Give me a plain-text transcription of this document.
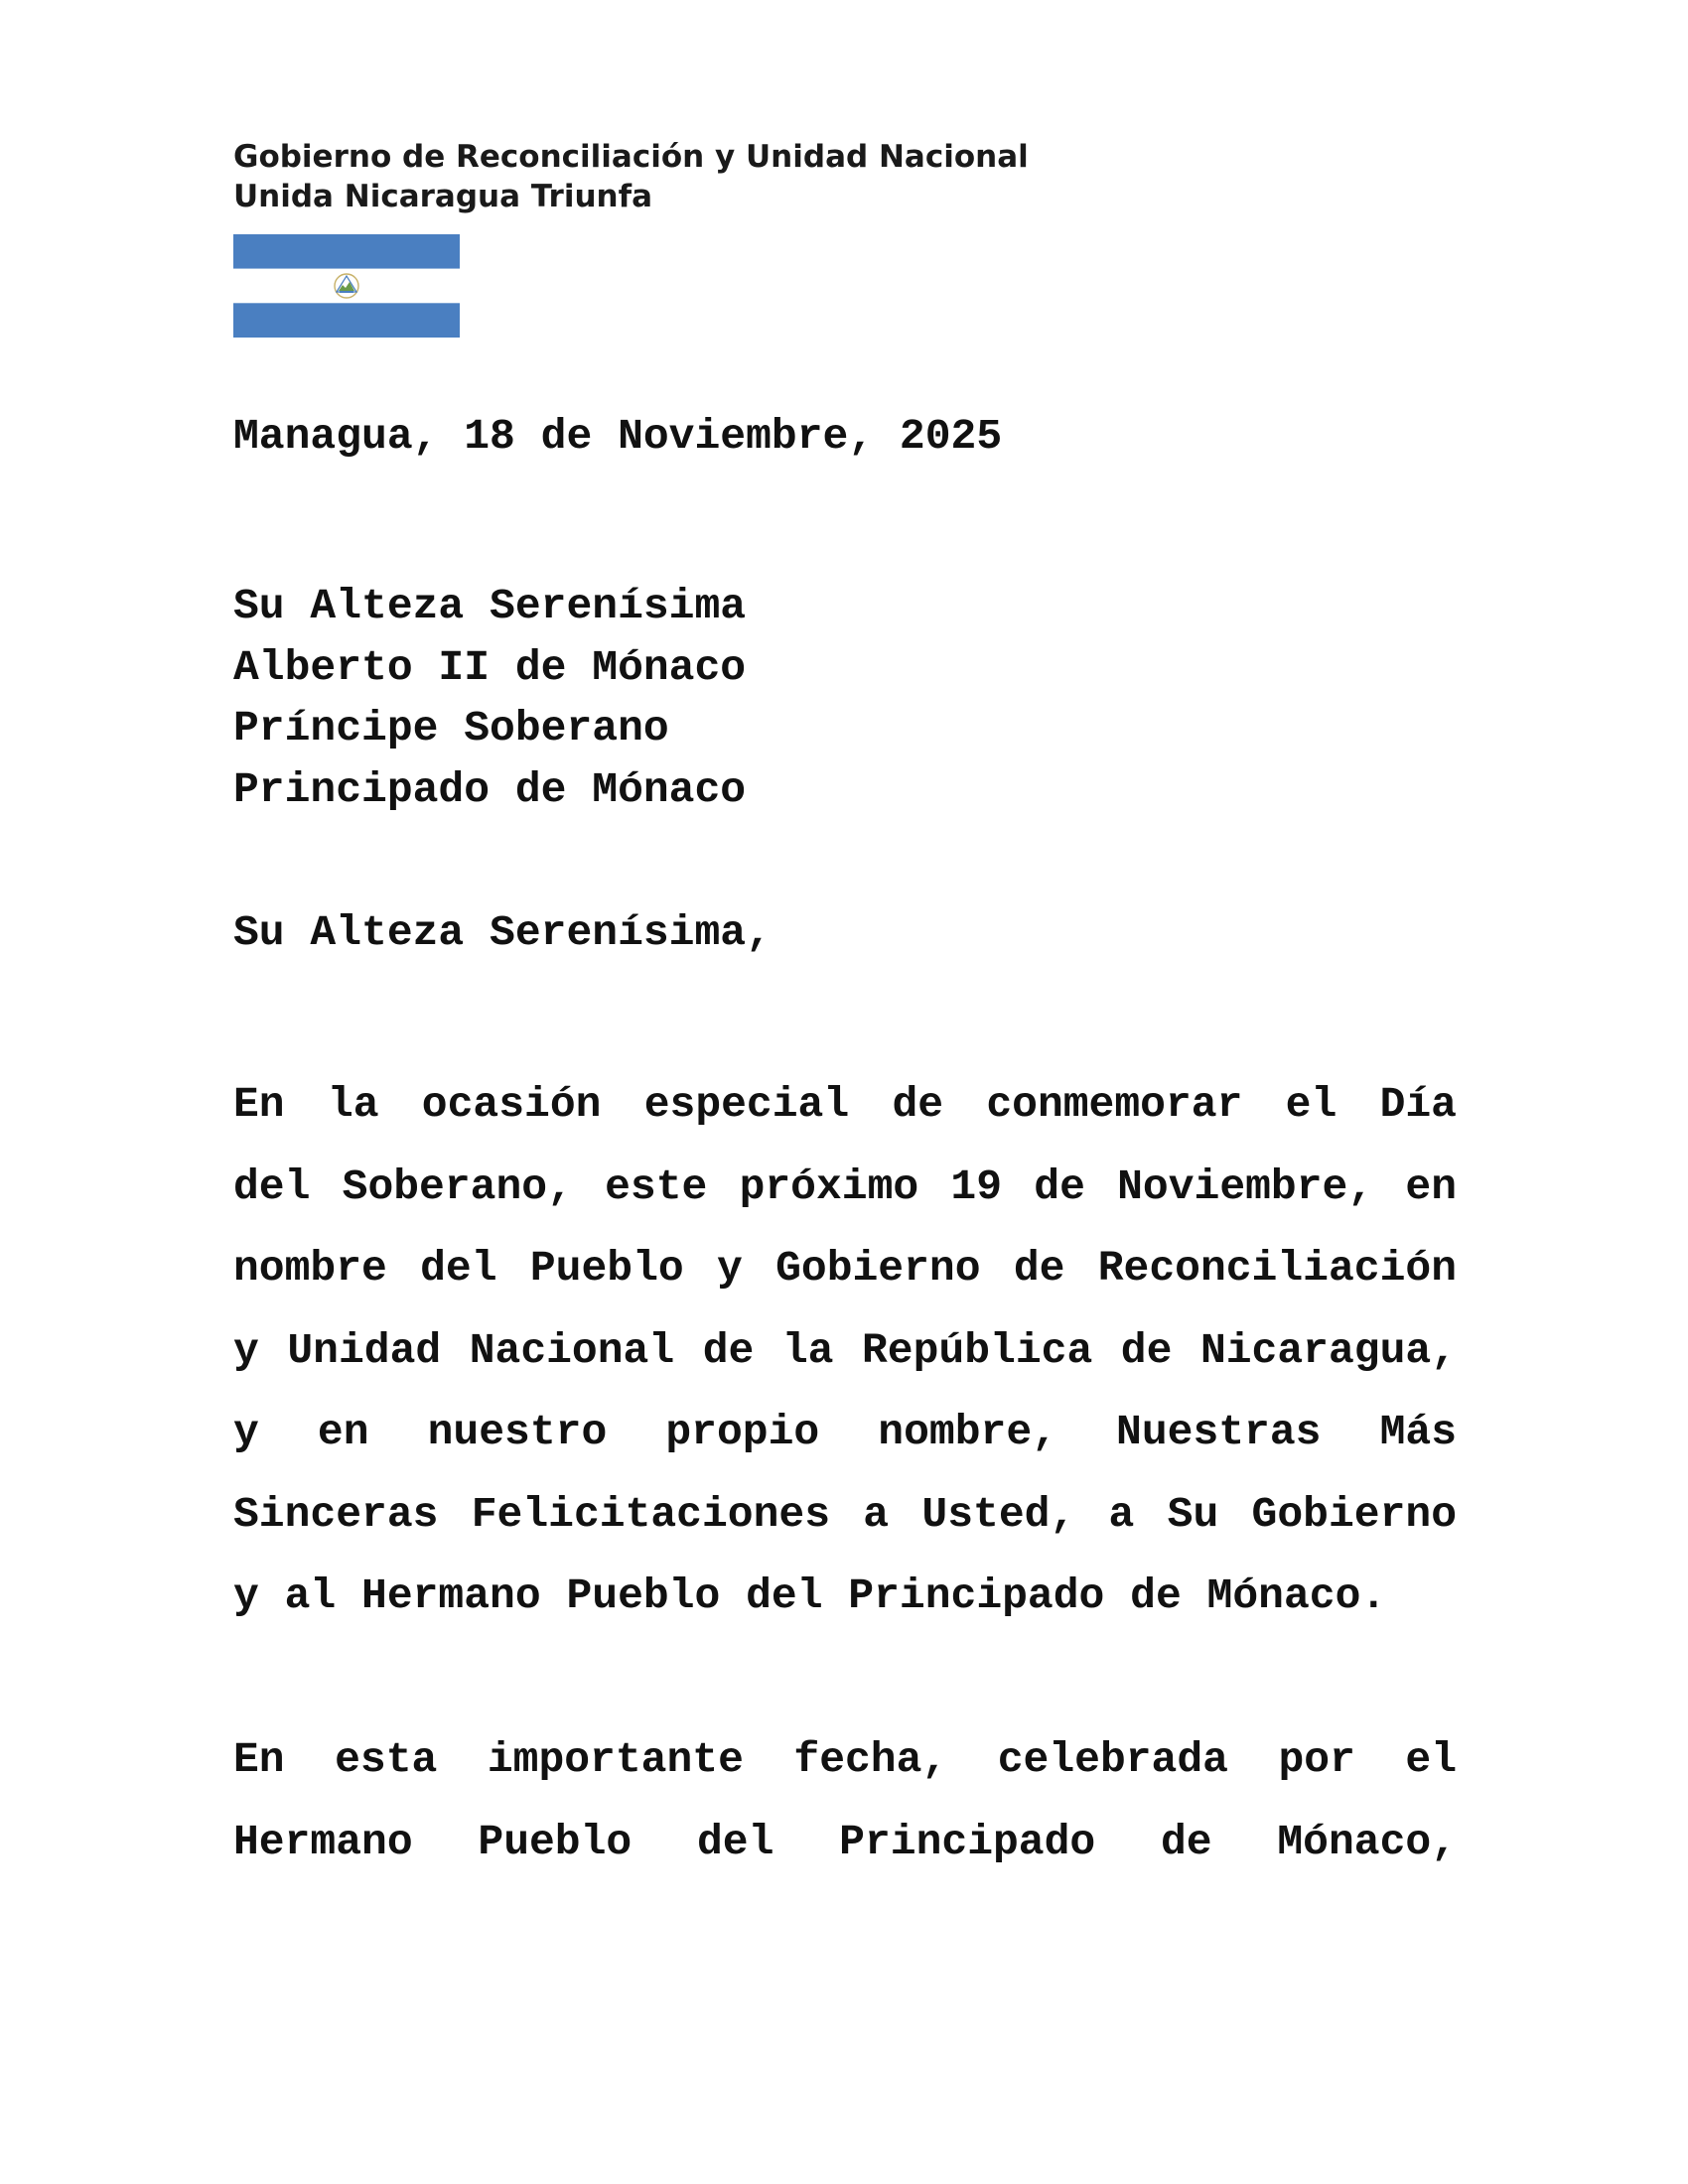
Gobierno de Reconciliación y Unidad Nacional
Unida Nicaragua Triunfa
Managua, 18 de Noviembre, 2025
Su Alteza Serenísima
Alberto II de Mónaco
Príncipe Soberano
Principado de Mónaco
Su Alteza Serenísima,
En la ocasión especial de conmemorar el Día
del Soberano, este próximo 19 de Noviembre, en
nombre del Pueblo y Gobierno de Reconciliación
y Unidad Nacional de la República de Nicaragua,
y en nuestro propio nombre, Nuestras Más
Sinceras Felicitaciones a Usted, a Su Gobierno
y al Hermano Pueblo del Principado de Mónaco.
En esta importante fecha, celebrada por el
Hermano Pueblo del Principado de Mónaco,
